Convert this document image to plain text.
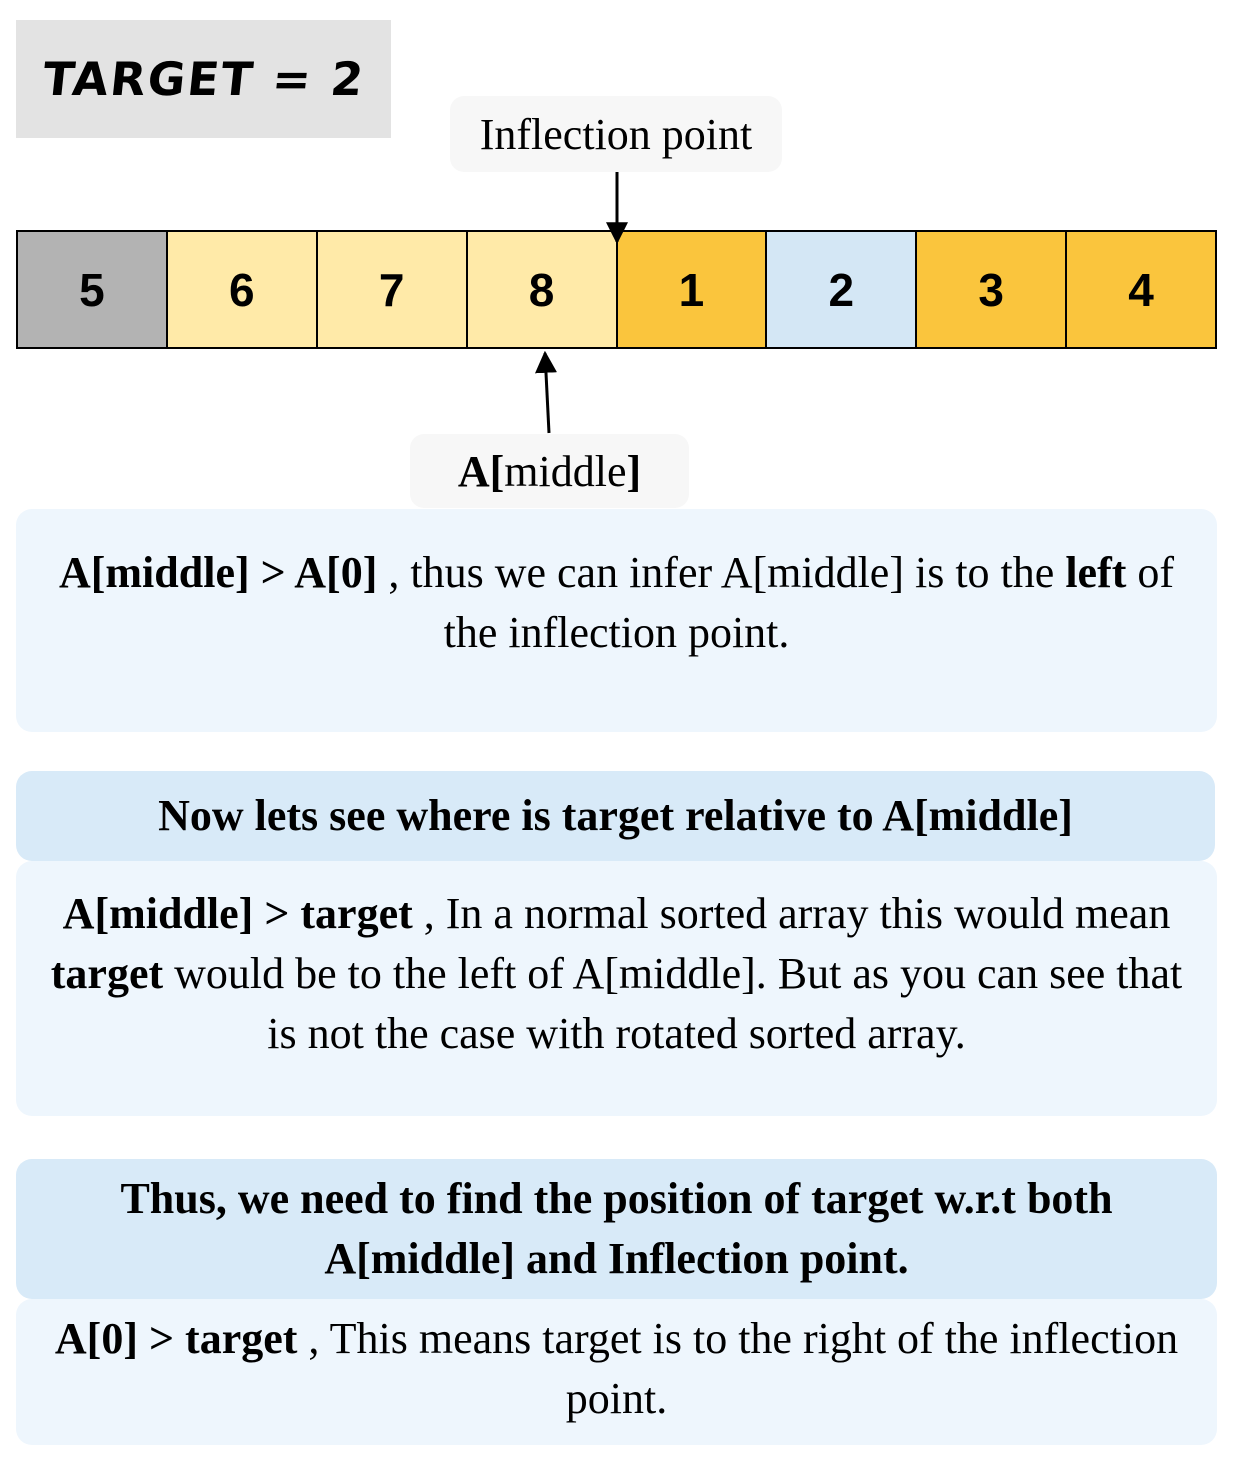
TARGET = 2
Inflection point
5	6	7	8	1	2	3	4
A[middle]
A[middle] > A[0] , thus we can infer A[middle] is to the left of the inflection point.
Now lets see where is target relative to A[middle]
A[middle] > target , In a normal sorted array this would mean target would be to the left of A[middle]. But as you can see that is not the case with rotated sorted array.
Thus, we need to find the position of target w.r.t both A[middle] and Inflection point.
A[0] > target , This means target is to the right of the inflection point.
